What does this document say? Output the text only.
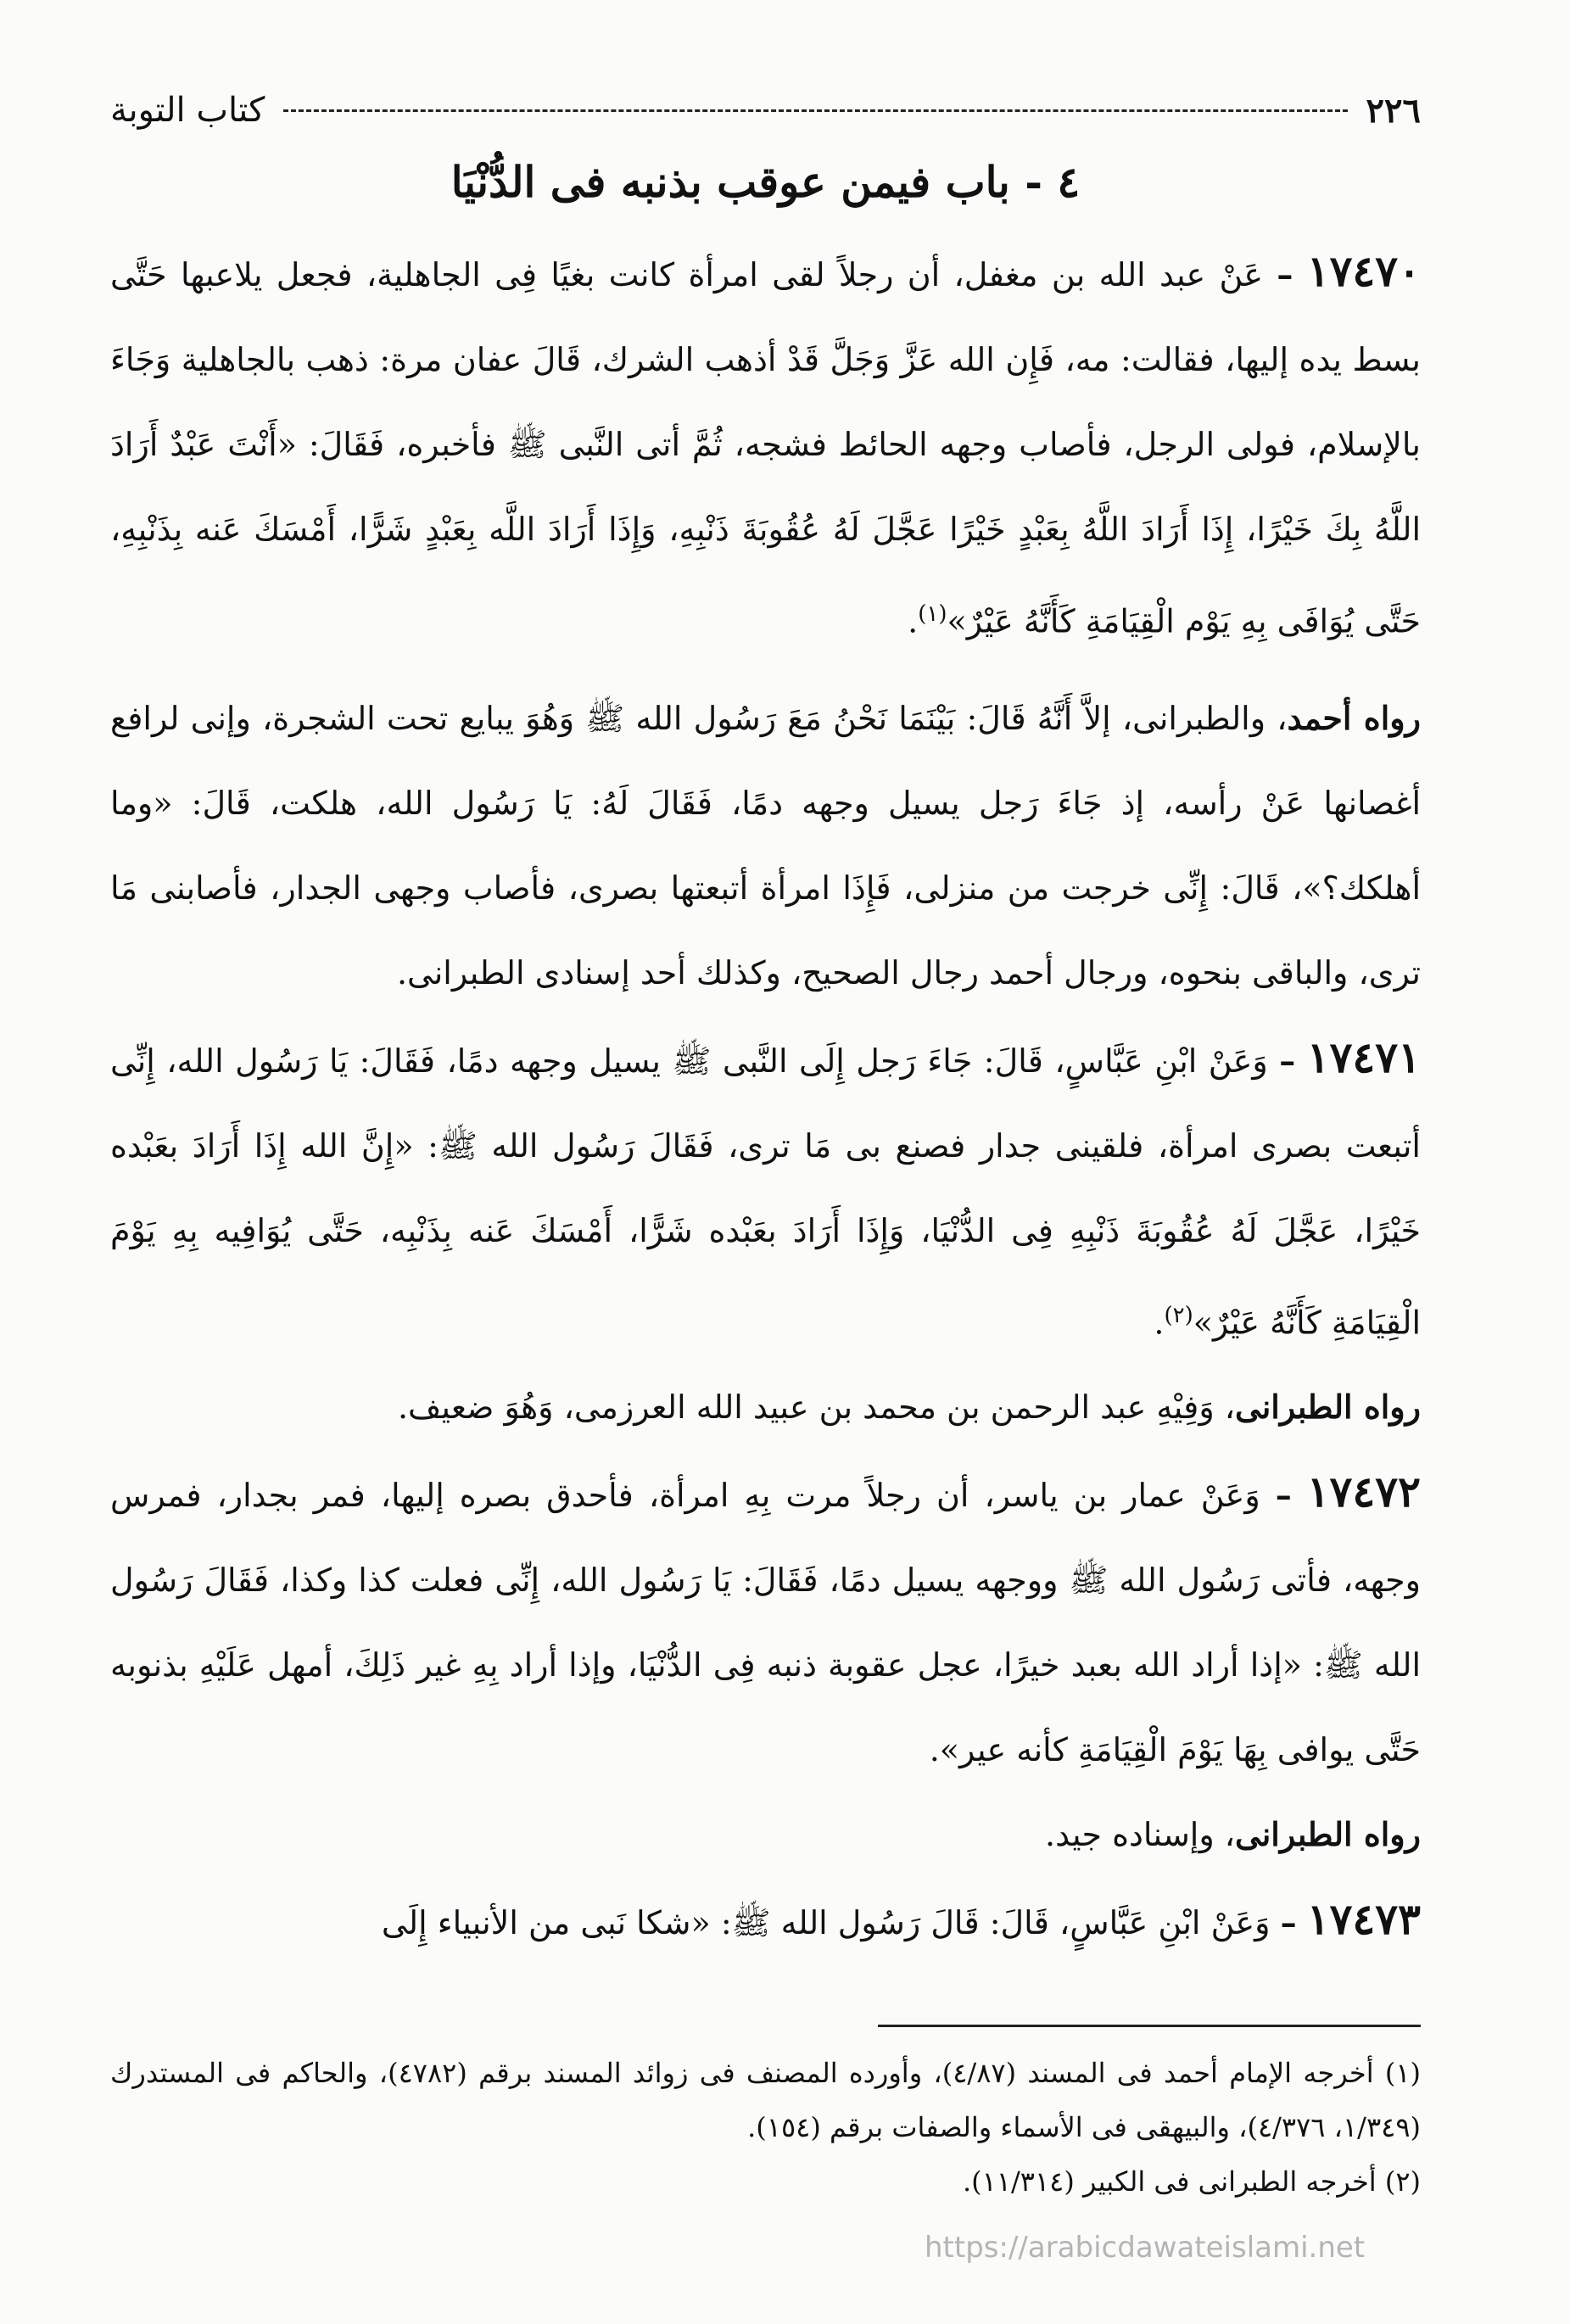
٢٢٦
كتاب التوبة
٤ - باب فيمن عوقب بذنبه فى الدُّنْيَا

١٧٤٧٠ – عَنْ عبد الله بن مغفل، أن رجلاً لقى امرأة كانت بغيًا فِى الجاهلية، فجعل يلاعبها حَتَّى بسط يده إليها، فقالت: مه، فَإِن الله عَزَّ وَجَلَّ قَدْ أذهب الشرك، قَالَ عفان مرة: ذهب بالجاهلية وَجَاءَ بالإسلام، فولى الرجل، فأصاب وجهه الحائط فشجه، ثُمَّ أتى النَّبى ﷺ فأخبره، فَقَالَ: «أَنْتَ عَبْدٌ أَرَادَ اللَّهُ بِكَ خَيْرًا، إِذَا أَرَادَ اللَّهُ بِعَبْدٍ خَيْرًا عَجَّلَ لَهُ عُقُوبَةَ ذَنْبِهِ، وَإِذَا أَرَادَ اللَّه بِعَبْدٍ شَرًّا، أَمْسَكَ عَنه بِذَنْبِهِ، حَتَّى يُوَافَى بِهِ يَوْم الْقِيَامَةِ كَأَنَّهُ عَيْرٌ»$^{(١)}$.

رواه أحمد، والطبرانى، إلاَّ أَنَّهُ قَالَ: بَيْنَمَا نَحْنُ مَعَ رَسُول الله ﷺ وَهُوَ يبايع تحت الشجرة، وإنى لرافع أغصانها عَنْ رأسه، إذ جَاءَ رَجل يسيل وجهه دمًا، فَقَالَ لَهُ: يَا رَسُول الله، هلكت، قَالَ: «وما أهلكك؟»، قَالَ: إِنِّى خرجت من منزلى، فَإِذَا امرأة أتبعتها بصرى، فأصاب وجهى الجدار، فأصابنى مَا ترى، والباقى بنحوه، ورجال أحمد رجال الصحيح، وكذلك أحد إسنادى الطبرانى.

١٧٤٧١ – وَعَنْ ابْنِ عَبَّاسٍ، قَالَ: جَاءَ رَجل إِلَى النَّبى ﷺ يسيل وجهه دمًا، فَقَالَ: يَا رَسُول الله، إِنِّى أتبعت بصرى امرأة، فلقينى جدار فصنع بى مَا ترى، فَقَالَ رَسُول الله ﷺ: «إِنَّ الله إِذَا أَرَادَ بعَبْده خَيْرًا، عَجَّلَ لَهُ عُقُوبَةَ ذَنْبِهِ فِى الدُّنْيَا، وَإِذَا أَرَادَ بعَبْده شَرًّا، أَمْسَكَ عَنه بِذَنْبِه، حَتَّى يُوَافِيه بِهِ يَوْمَ الْقِيَامَةِ كَأَنَّهُ عَيْرٌ»$^{(٢)}$.

رواه الطبرانى، وَفِيْهِ عبد الرحمن بن محمد بن عبيد الله العرزمى، وَهُوَ ضعيف.

١٧٤٧٢ – وَعَنْ عمار بن ياسر، أن رجلاً مرت بِهِ امرأة، فأحدق بصره إليها، فمر بجدار، فمرس وجهه، فأتى رَسُول الله ﷺ ووجهه يسيل دمًا، فَقَالَ: يَا رَسُول الله، إِنِّى فعلت كذا وكذا، فَقَالَ رَسُول الله ﷺ: «إذا أراد الله بعبد خيرًا، عجل عقوبة ذنبه فِى الدُّنْيَا، وإذا أراد بِهِ غير ذَلِكَ، أمهل عَلَيْهِ بذنوبه حَتَّى يوافى بِهَا يَوْمَ الْقِيَامَةِ كأنه عير».

رواه الطبرانى، وإسناده جيد.

١٧٤٧٣ – وَعَنْ ابْنِ عَبَّاسٍ، قَالَ: قَالَ رَسُول الله ﷺ: «شكا نَبى من الأنبياء إِلَى

(١) أخرجه الإمام أحمد فى المسند (٤/٨٧)، وأورده المصنف فى زوائد المسند برقم (٤٧٨٢)، والحاكم فى المستدرك (١/٣٤٩، ٤/٣٧٦)، والبيهقى فى الأسماء والصفات برقم (١٥٤).

(٢) أخرجه الطبرانى فى الكبير (١١/٣١٤).

https://arabicdawateislami.net
